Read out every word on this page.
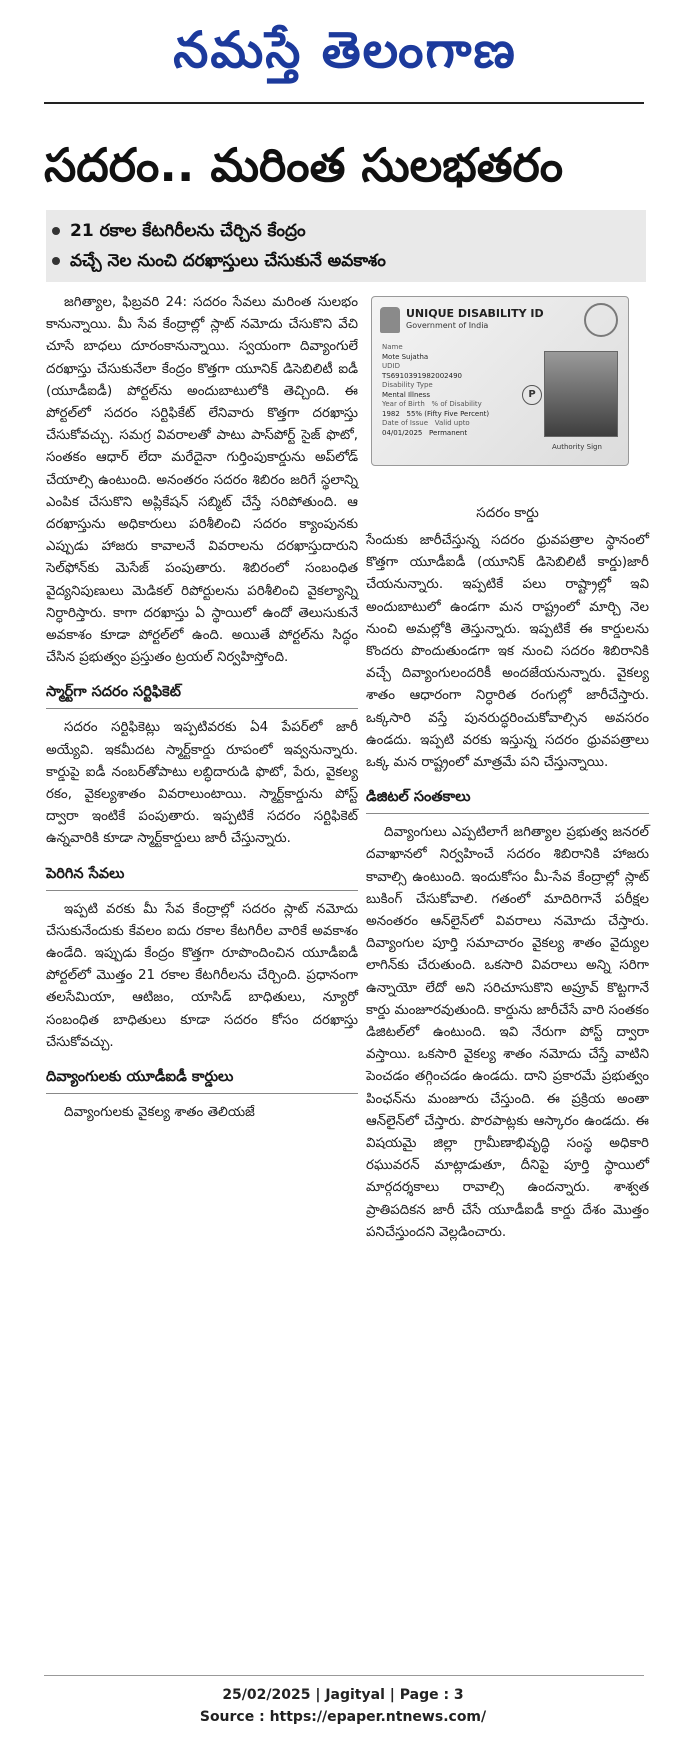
నమస్తే తెలంగాణ
సదరం.. మరింత సులభతరం
21 రకాల కేటగిరీలను చేర్చిన కేంద్రం
వచ్చే నెల నుంచి దరఖాస్తులు చేసుకునే అవకాశం

జగిత్యాల, ఫిబ్రవరి 24: సదరం సేవలు మరింత సులభం కానున్నాయి. మీ సేవ కేంద్రాల్లో స్లాట్ నమోదు చేసుకొని వేచి చూసే బాధలు దూరంకానున్నాయి. స్వయంగా దివ్యాంగులే దరఖాస్తు చేసుకునేలా కేంద్రం కొత్తగా యూనిక్ డిసెబిలిటీ ఐడీ (యూడీఐడీ) పోర్టల్‌ను అందుబాటులోకి తెచ్చింది. ఈ పోర్టల్‌లో సదరం సర్టిఫికేట్ లేనివారు కొత్తగా దరఖాస్తు చేసుకోవచ్చు. సమగ్ర వివరాలతో పాటు పాస్‌పోర్ట్ సైజ్ ఫొటో, సంతకం ఆధార్ లేదా మరేదైనా గుర్తింపుకార్డును అప్‌లోడ్ చేయాల్సి ఉంటుంది. అనంతరం సదరం శిబిరం జరిగే స్థలాన్ని ఎంపిక చేసుకొని అప్లికేషన్ సబ్మిట్ చేస్తే సరిపోతుంది. ఆ దరఖాస్తును అధికారులు పరిశీలించి సదరం క్యాంపునకు ఎప్పుడు హాజరు కావాలనే వివరాలను దరఖాస్తుదారుని సెల్‌ఫోన్‌కు మెసేజ్ పంపుతారు. శిబిరంలో సంబంధిత వైద్యనిపుణులు మెడికల్ రిపోర్టులను పరిశీలించి వైకల్యాన్ని నిర్ధారిస్తారు. కాగా దరఖాస్తు ఏ స్థాయిలో ఉందో తెలుసుకునే అవకాశం కూడా పోర్టల్‌లో ఉంది. అయితే పోర్టల్‌ను సిద్ధం చేసిన ప్రభుత్వం ప్రస్తుతం ట్రయల్ నిర్వహిస్తోంది.

స్మార్ట్‌గా సదరం సర్టిఫికెట్

సదరం సర్టిఫికెట్లు ఇప్పటివరకు ఏ4 పేపర్‌లో జారీ అయ్యేవి. ఇకమీదట స్మార్ట్‌కార్డు రూపంలో ఇవ్వనున్నారు. కార్డుపై ఐడీ నంబర్‌తోపాటు లబ్ధిదారుడి ఫొటో, పేరు, వైకల్య రకం, వైకల్యశాతం వివరాలుంటాయి. స్మార్ట్‌కార్డును పోస్ట్ ద్వారా ఇంటికే పంపుతారు. ఇప్పటికే సదరం సర్టిఫికెట్ ఉన్నవారికి కూడా స్మార్ట్‌కార్డులు జారీ చేస్తున్నారు.

పెరిగిన సేవలు

ఇప్పటి వరకు మీ సేవ కేంద్రాల్లో సదరం స్లాట్ నమోదు చేసుకునేందుకు కేవలం ఐదు రకాల కేటగిరీల వారికే అవకాశం ఉండేది. ఇప్పుడు కేంద్రం కొత్తగా రూపొందించిన యూడీఐడీ పోర్టల్‌లో మొత్తం 21 రకాల కేటగిరీలను చేర్చింది. ప్రధానంగా తలసేమియా, ఆటిజం, యాసిడ్ బాధితులు, న్యూరో సంబంధిత బాధితులు కూడా సదరం కోసం దరఖాస్తు చేసుకోవచ్చు.

దివ్యాంగులకు యూడీఐడీ కార్డులు

దివ్యాంగులకు వైకల్య శాతం తెలియజే

UNIQUE DISABILITY ID
Government of India
Name
Mote Sujatha
UDID
TS6910391982002490
Disability Type
Mental Illness
Year of Birth % of Disability
1982 55% (Fifty Five Percent)
Date of Issue Valid upto
04/01/2025 Permanent
P
Authority Sign
సదరం కార్డు

సేందుకు జారీచేస్తున్న సదరం ధ్రువపత్రాల స్థానంలో కొత్తగా యూడీఐడీ (యూనిక్ డిసెబిలిటీ కార్డు)జారీ చేయనున్నారు. ఇప్పటికే పలు రాష్ట్రాల్లో ఇవి అందుబాటులో ఉండగా మన రాష్ట్రంలో మార్చి నెల నుంచి అమల్లోకి తెస్తున్నారు. ఇప్పటికే ఈ కార్డులను కొందరు పొందుతుండగా ఇక నుంచి సదరం శిబిరానికి వచ్చే దివ్యాంగులందరికీ అందజేయనున్నారు. వైకల్య శాతం ఆధారంగా నిర్ధారిత రంగుల్లో జారీచేస్తారు. ఒక్కసారి వస్తే పునరుద్ధరించుకోవాల్సిన అవసరం ఉండదు. ఇప్పటి వరకు ఇస్తున్న సదరం ధ్రువపత్రాలు ఒక్క మన రాష్ట్రంలో మాత్రమే పని చేస్తున్నాయి.

డిజిటల్ సంతకాలు

దివ్యాంగులు ఎప్పటిలాగే జగిత్యాల ప్రభుత్వ జనరల్ దవాఖానలో నిర్వహించే సదరం శిబిరానికి హాజరు కావాల్సి ఉంటుంది. ఇందుకోసం మీ-సేవ కేంద్రాల్లో స్లాట్ బుకింగ్ చేసుకోవాలి. గతంలో మాదిరిగానే పరీక్షల అనంతరం ఆన్‌లైన్‌లో వివరాలు నమోదు చేస్తారు. దివ్యాంగుల పూర్తి సమాచారం వైకల్య శాతం వైద్యుల లాగిన్‌కు చేరుతుంది. ఒకసారి వివరాలు అన్ని సరిగా ఉన్నాయో లేదో అని సరిచూసుకొని అప్రూవ్ కొట్టగానే కార్డు మంజూరవుతుంది. కార్డును జారీచేసే వారి సంతకం డిజిటల్‌లో ఉంటుంది. ఇవి నేరుగా పోస్ట్ ద్వారా వస్తాయి. ఒకసారి వైకల్య శాతం నమోదు చేస్తే వాటిని పెంచడం తగ్గించడం ఉండదు. దాని ప్రకారమే ప్రభుత్వం పింఛన్‌ను మంజూరు చేస్తుంది. ఈ ప్రక్రియ అంతా ఆన్‌లైన్‌లో చేస్తారు. పొరపాట్లకు ఆస్కారం ఉండదు. ఈ విషయమై జిల్లా గ్రామీణాభివృద్ధి సంస్థ అధికారి రఘువరన్ మాట్లాడుతూ, దీనిపై పూర్తి స్థాయిలో మార్గదర్శకాలు రావాల్సి ఉందన్నారు. శాశ్వత ప్రాతిపదికన జారీ చేసే యూడీఐడీ కార్డు దేశం మొత్తం పనిచేస్తుందని వెల్లడించారు.

25/02/2025 | Jagityal | Page : 3
Source : https://epaper.ntnews.com/
